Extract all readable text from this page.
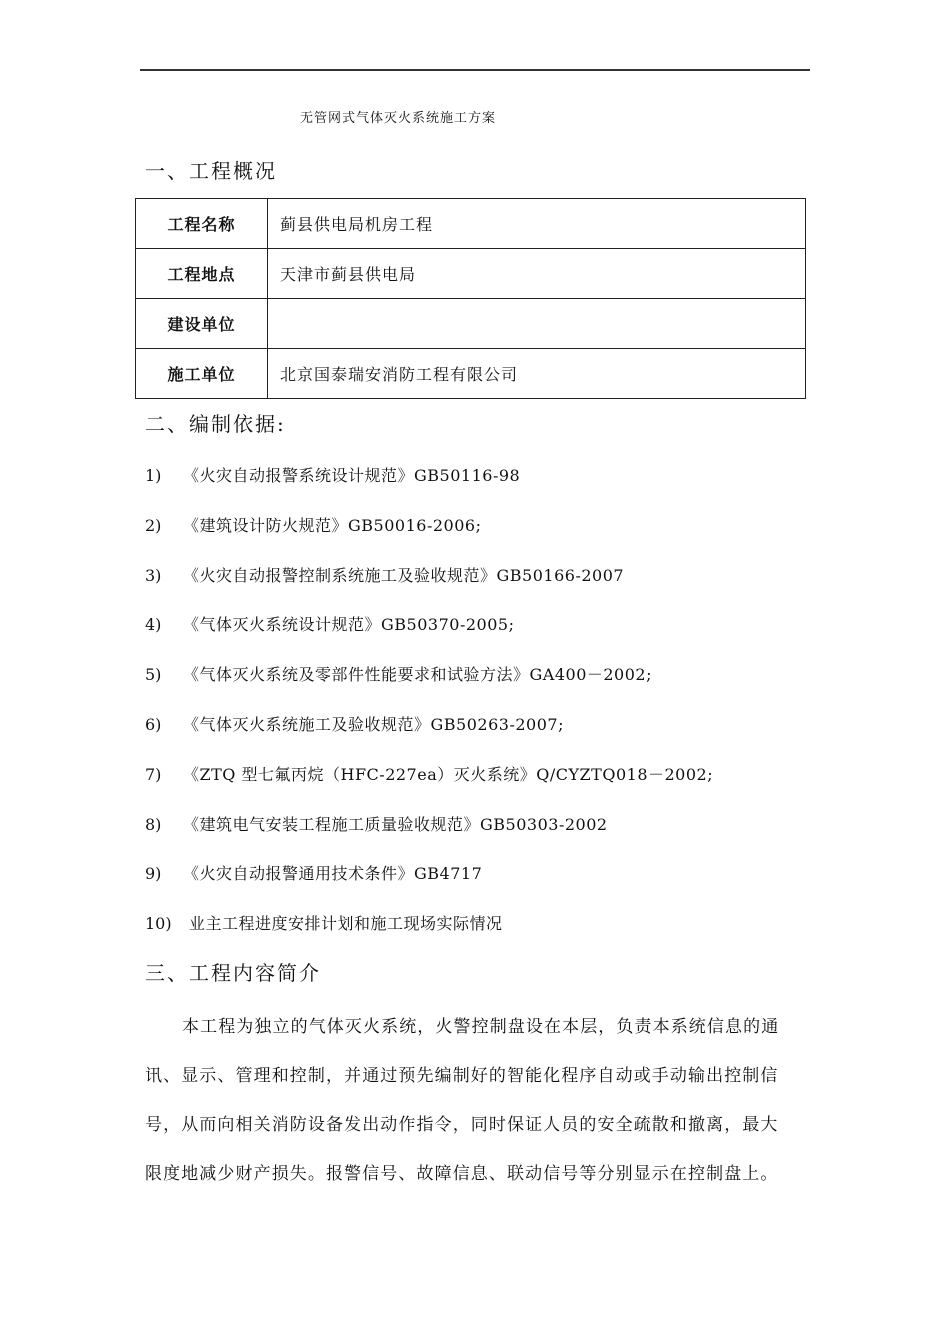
无管网式气体灭火系统施工方案
一、工程概况
工程名称	蓟县供电局机房工程
工程地点	天津市蓟县供电局
建设单位	
施工单位	北京国泰瑞安消防工程有限公司
二、编制依据:
1) 《火灾自动报警系统设计规范》GB50116-98
2) 《建筑设计防火规范》GB50016-2006;
3) 《火灾自动报警控制系统施工及验收规范》GB50166-2007
4) 《气体灭火系统设计规范》GB50370-2005;
5) 《气体灭火系统及零部件性能要求和试验方法》GA400－2002;
6) 《气体灭火系统施工及验收规范》GB50263-2007;
7) 《ZTQ 型七氟丙烷（HFC-227ea）灭火系统》Q/CYZTQ018－2002;
8) 《建筑电气安装工程施工质量验收规范》GB50303-2002
9) 《火灾自动报警通用技术条件》GB4717
10) 业主工程进度安排计划和施工现场实际情况
三、工程内容简介
本工程为独立的气体灭火系统，火警控制盘设在本层，负责本系统信息的通
讯、显示、管理和控制，并通过预先编制好的智能化程序自动或手动输出控制信
号，从而向相关消防设备发出动作指令，同时保证人员的安全疏散和撤离，最大
限度地减少财产损失。报警信号、故障信息、联动信号等分别显示在控制盘上。
